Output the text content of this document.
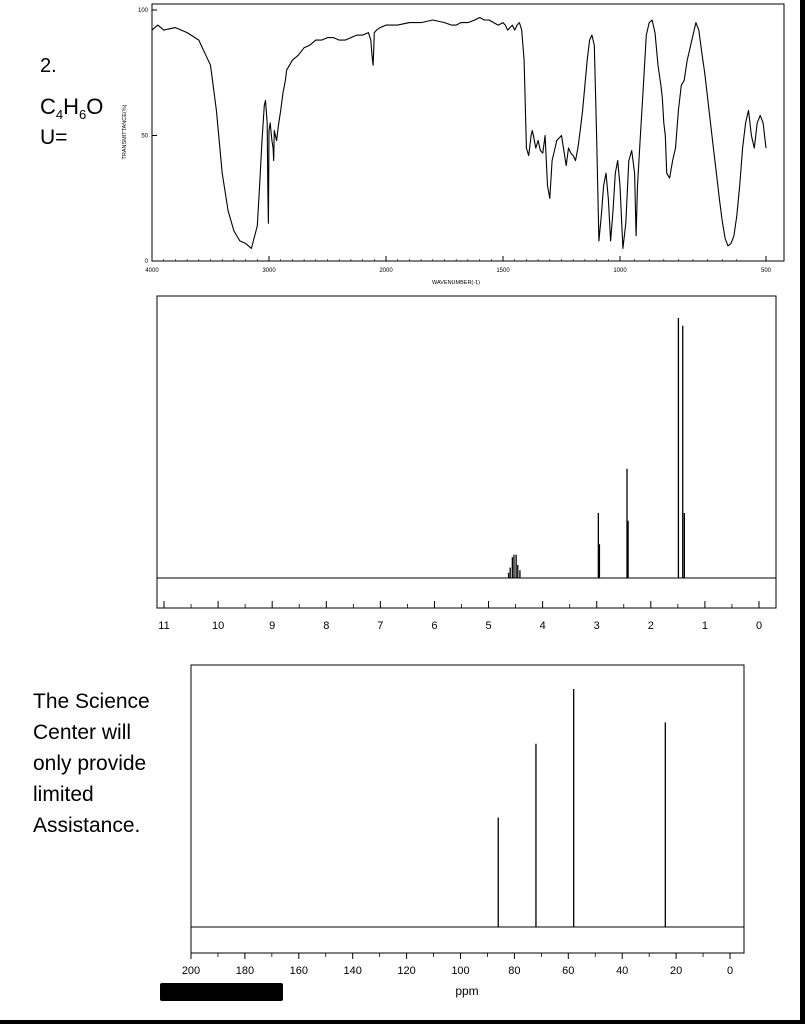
2.
$C_4H_6O$
U=
The Science
Center will
only provide
limited
Assistance.
4000	3000	2000	1500	1000	500
100
50
0
TRANSMITTANCE(%)
WAVENUMBER(-1)
11	10	9	8	7	6	5	4	3	2	1	0
200	180	160	140	120	100	80	60	40	20	0
ppm
